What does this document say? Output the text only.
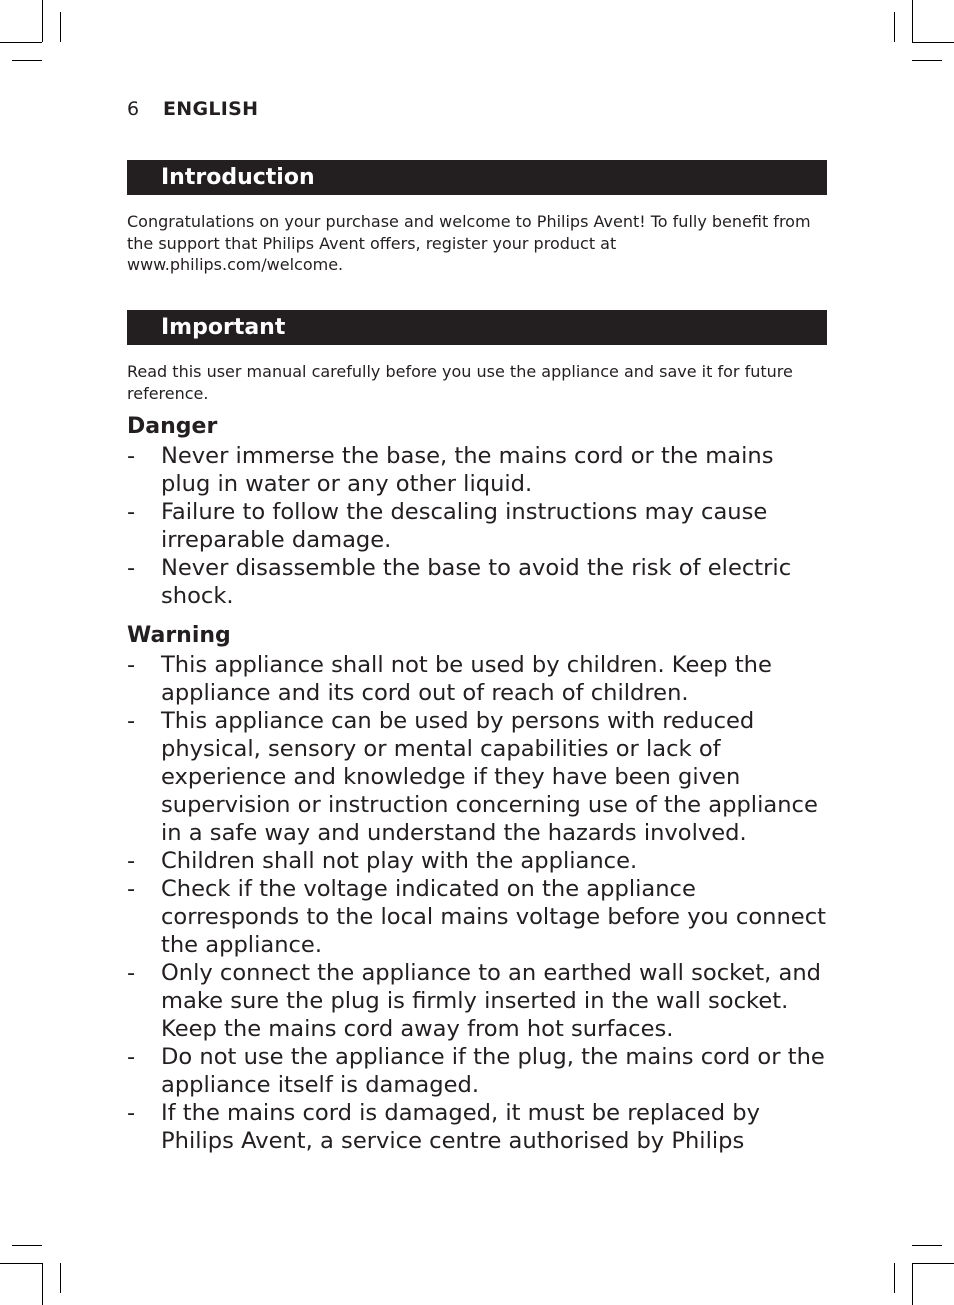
6 ENGLISH
Introduction
Congratulations on your purchase and welcome to Philips Avent! To fully benefit from the support that Philips Avent offers, register your product at www.philips.com/welcome.
Important
Read this user manual carefully before you use the appliance and save it for future reference.
Danger
- Never immerse the base, the mains cord or the mains plug in water or any other liquid.
- Failure to follow the descaling instructions may cause irreparable damage.
- Never disassemble the base to avoid the risk of electric shock.
Warning
- This appliance shall not be used by children. Keep the appliance and its cord out of reach of children.
- This appliance can be used by persons with reduced physical, sensory or mental capabilities or lack of experience and knowledge if they have been given supervision or instruction concerning use of the appliance in a safe way and understand the hazards involved.
- Children shall not play with the appliance.
- Check if the voltage indicated on the appliance corresponds to the local mains voltage before you connect the appliance.
- Only connect the appliance to an earthed wall socket, and make sure the plug is firmly inserted in the wall socket. Keep the mains cord away from hot surfaces.
- Do not use the appliance if the plug, the mains cord or the appliance itself is damaged.
- If the mains cord is damaged, it must be replaced by Philips Avent, a service centre authorised by Philips
